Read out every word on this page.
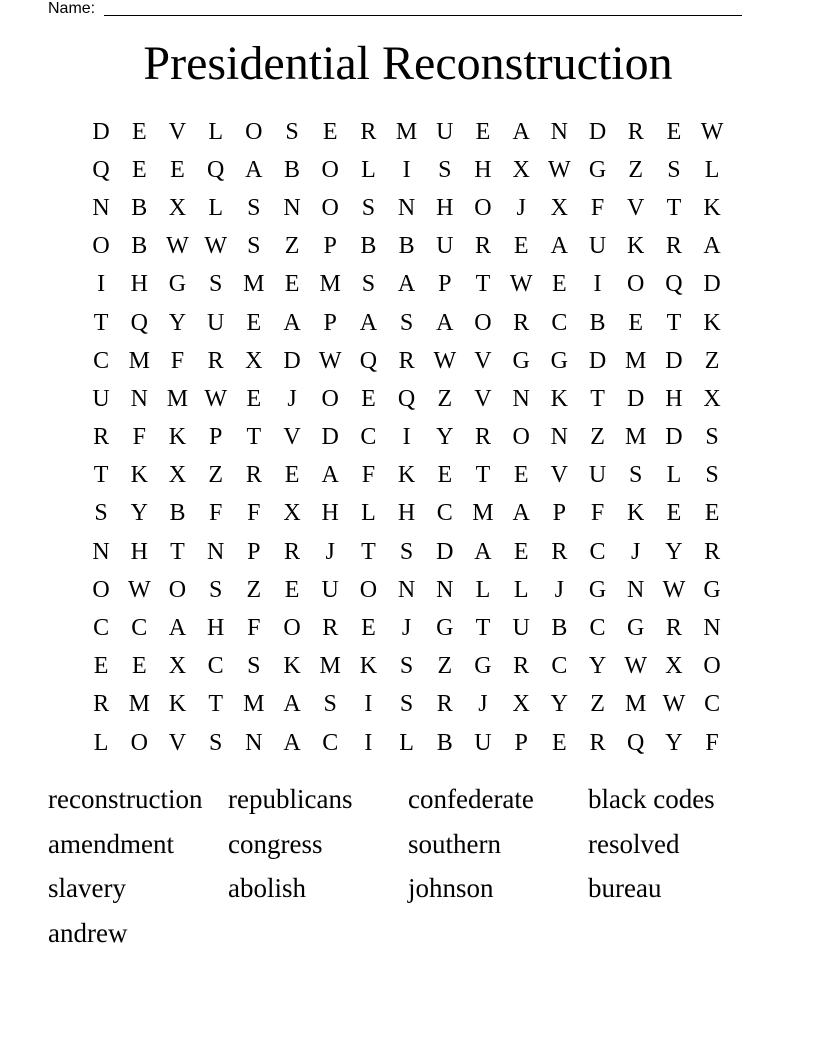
Name:
Presidential Reconstruction
D E V L O S	E R M U E A N D R E W
Q E E Q A B O L	I	S H X W G Z	S	L
N B X L	S N O S N H O	J	X F V T K
O B W W S	Z	P B B U R E A U K R A
I	H G S M E M S A P	T W E	I	O Q D
T Q Y U E A P A S A O R C B E T K
C M F R X D W Q R W V G G D M D Z
U N M W E	J	O E Q Z V N K T D H X
R F K P	T V D C	I	Y R O N Z M D S
T K X Z R E A F K E T E V U S	L	S
S Y B F	F X H L H C M A P	F K E E
N H T N P R	J	T	S D A E R C	J	Y R
O W O S	Z E U O N N L L	J	G N W G
C C A H F O R E	J	G T U B C G R N
E E X C S K M K S	Z G R C Y W X O
R M K T M A S	I	S R	J	X Y Z M W C
L O V S N A C	I	L B U P	E R Q Y F
reconstruction republicans	confederate	black codes
amendment	congress	southern	resolved
slavery	abolish	johnson	bureau
andrew
